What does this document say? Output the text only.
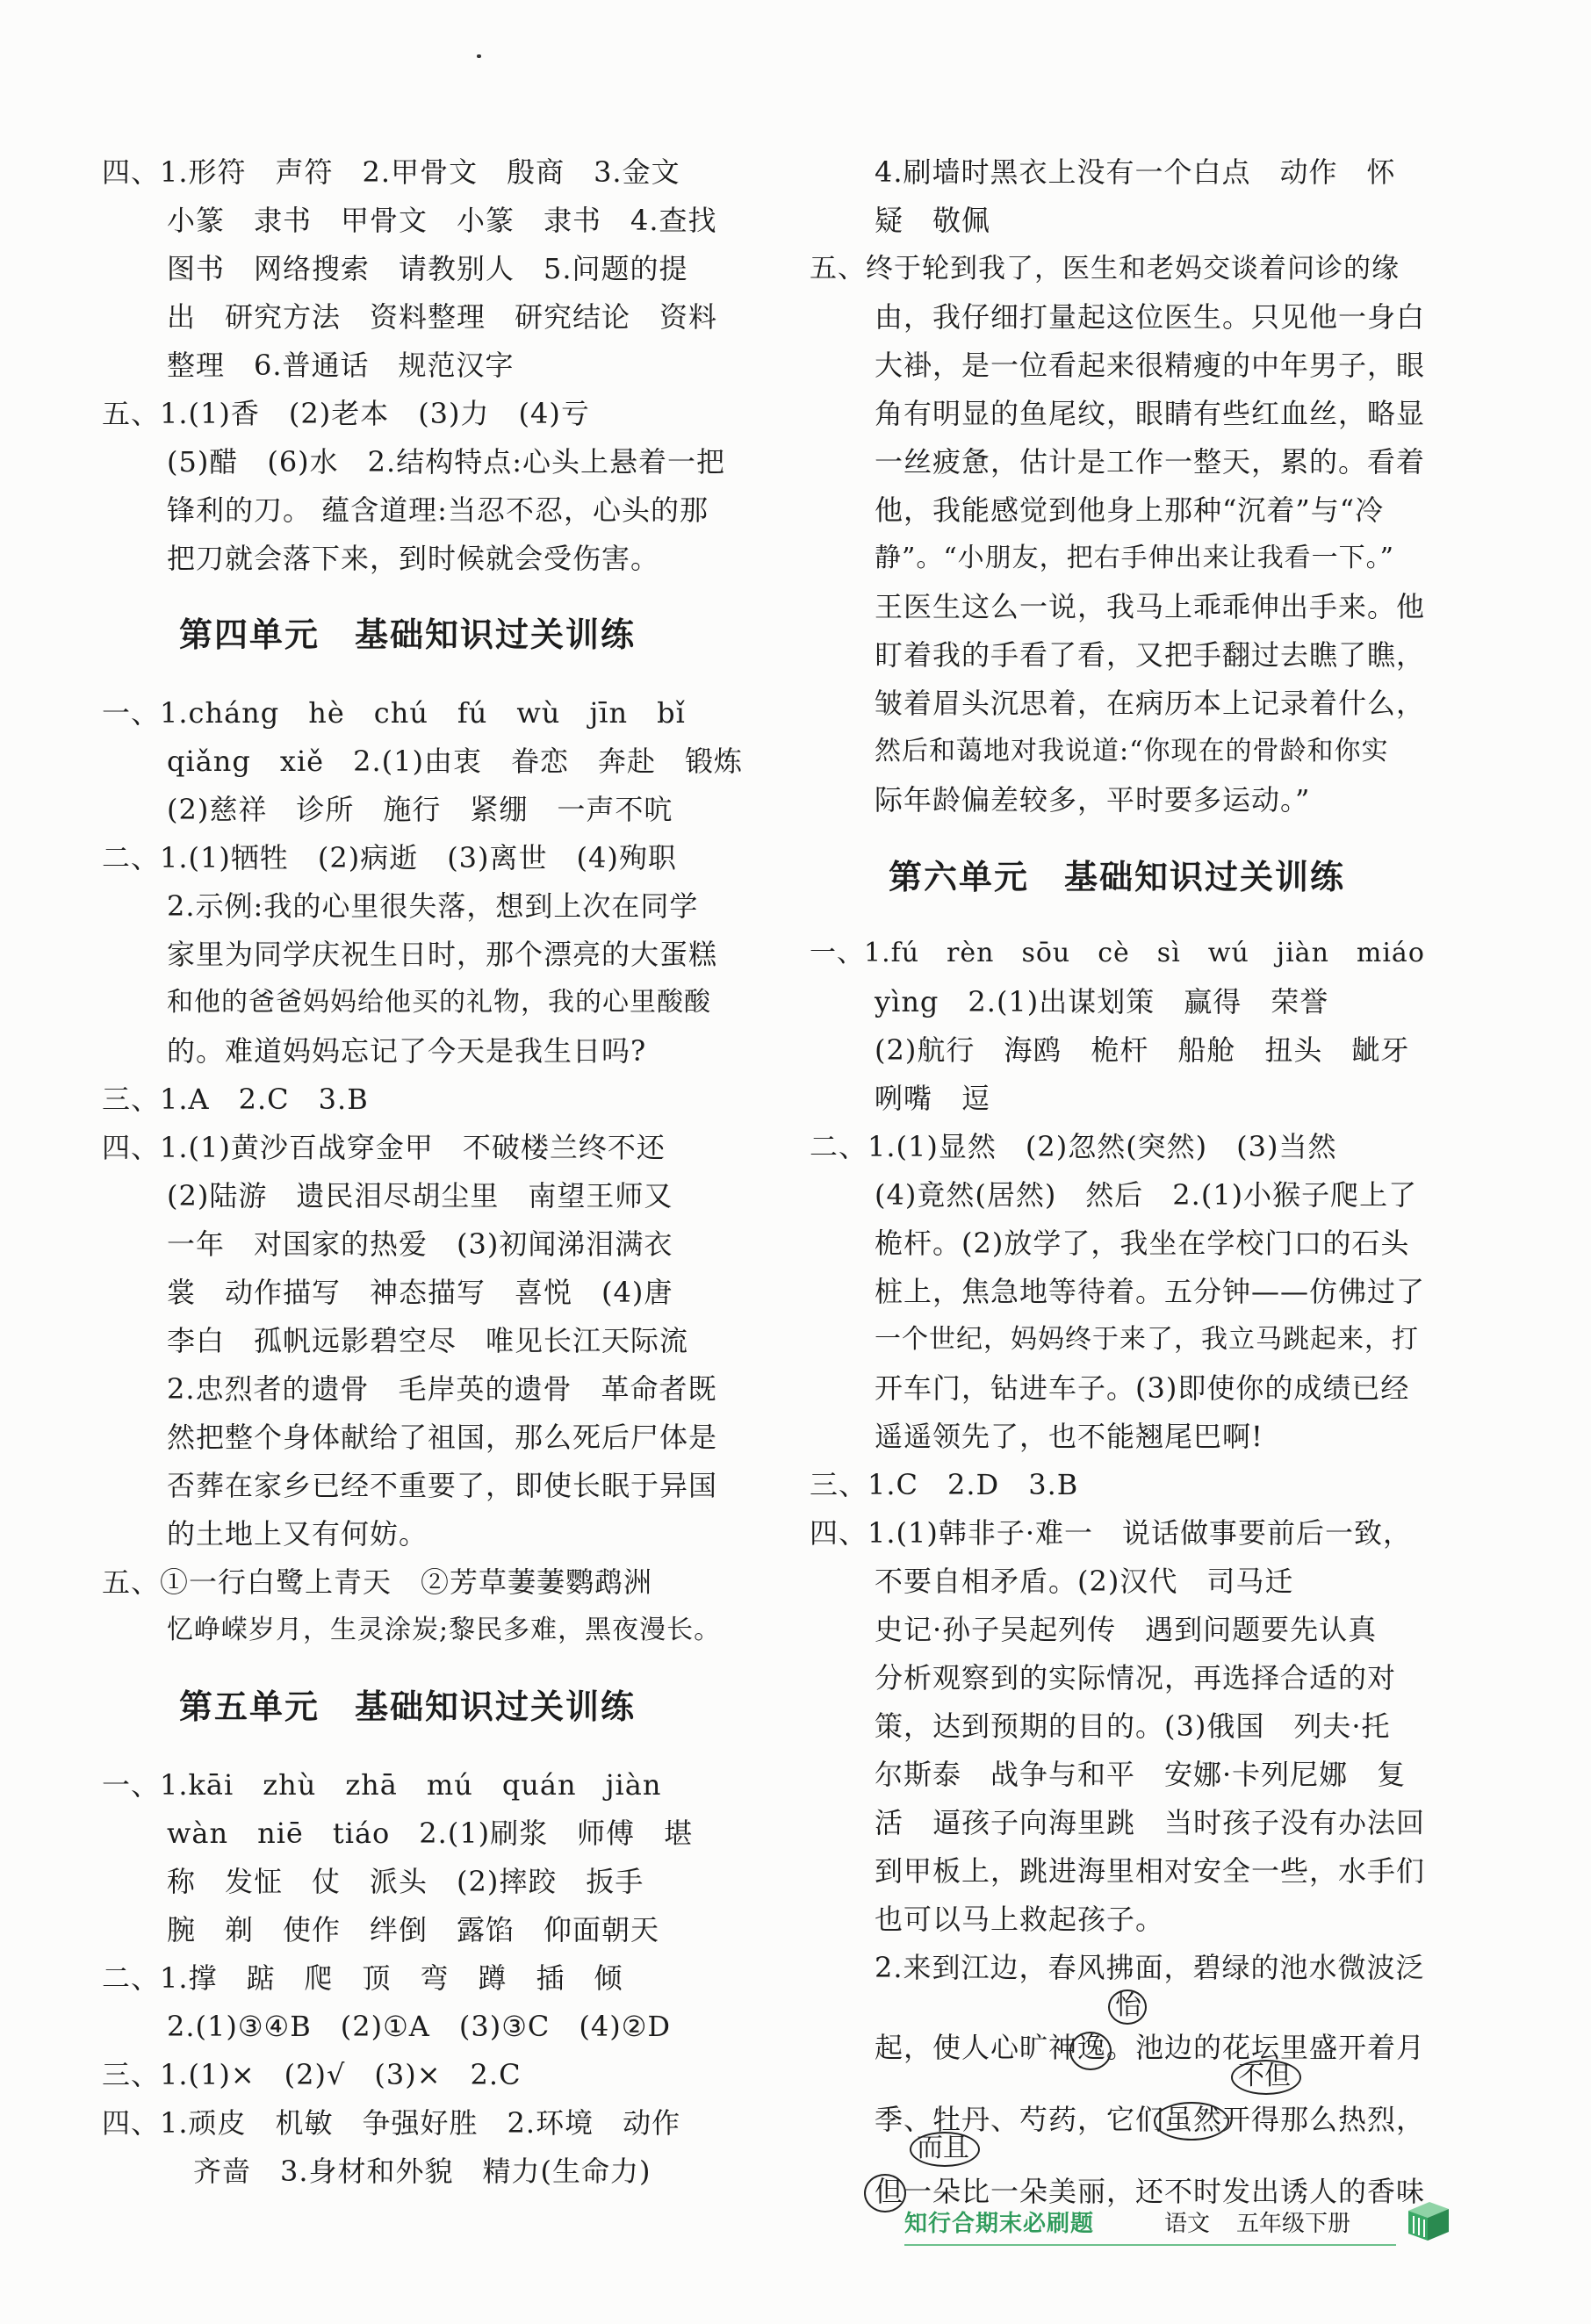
四、1.形符　声符　2.甲骨文　殷商　3.金文
小篆　隶书　甲骨文　小篆　隶书　4.查找
图书　网络搜索　请教别人　5.问题的提
出　研究方法　资料整理　研究结论　资料
整理　6.普通话　规范汉字
五、1.(1)香　(2)老本　(3)力　(4)亏
(5)醋　(6)水　2.结构特点:心头上悬着一把
锋利的刀。 蕴含道理:当忍不忍，心头的那
把刀就会落下来，到时候就会受伤害。
第四单元　基础知识过关训练
一、1.cháng　hè　chú　fú　wù　jīn　bǐ
qiǎng　xiě　2.(1)由衷　眷恋　奔赴　锻炼
(2)慈祥　诊所　施行　紧绷　一声不吭
二、1.(1)牺牲　(2)病逝　(3)离世　(4)殉职
2.示例:我的心里很失落，想到上次在同学
家里为同学庆祝生日时，那个漂亮的大蛋糕
和他的爸爸妈妈给他买的礼物，我的心里酸酸
的。难道妈妈忘记了今天是我生日吗?
三、1.A　2.C　3.B
四、1.(1)黄沙百战穿金甲　不破楼兰终不还
(2)陆游　遗民泪尽胡尘里　南望王师又
一年　对国家的热爱　(3)初闻涕泪满衣
裳　动作描写　神态描写　喜悦　(4)唐
李白　孤帆远影碧空尽　唯见长江天际流
2.忠烈者的遗骨　毛岸英的遗骨　革命者既
然把整个身体献给了祖国，那么死后尸体是
否葬在家乡已经不重要了，即使长眠于异国
的土地上又有何妨。
五、①一行白鹭上青天　②芳草萋萋鹦鹉洲
忆峥嵘岁月，生灵涂炭;黎民多难，黑夜漫长。
第五单元　基础知识过关训练
一、1.kāi　zhù　zhā　mú　quán　jiàn
wàn　niē　tiáo　2.(1)刷浆　师傅　堪
称　发怔　仗　派头　(2)摔跤　扳手
腕　剃　使作　绊倒　露馅　仰面朝天
二、1.撑　踮　爬　顶　弯　蹲　插　倾
2.(1)③④B　(2)①A　(3)③C　(4)②D
三、1.(1)×　(2)√　(3)×　2.C
四、1.顽皮　机敏　争强好胜　2.环境　动作
齐啬　3.身材和外貌　精力(生命力)
4.刷墙时黑衣上没有一个白点　动作　怀
疑　敬佩
五、终于轮到我了，医生和老妈交谈着问诊的缘
由，我仔细打量起这位医生。只见他一身白
大褂，是一位看起来很精瘦的中年男子，眼
角有明显的鱼尾纹，眼睛有些红血丝，略显
一丝疲惫，估计是工作一整天，累的。看着
他，我能感觉到他身上那种“沉着”与“冷
静”。“小朋友，把右手伸出来让我看一下。”
王医生这么一说，我马上乖乖伸出手来。他
盯着我的手看了看，又把手翻过去瞧了瞧，
皱着眉头沉思着，在病历本上记录着什么，
然后和蔼地对我说道:“你现在的骨龄和你实
际年龄偏差较多，平时要多运动。”
第六单元　基础知识过关训练
一、1.fú　rèn　sōu　cè　sì　wú　jiàn　miáo
yìng　2.(1)出谋划策　赢得　荣誉
(2)航行　海鸥　桅杆　船舱　扭头　龇牙
咧嘴　逗
二、1.(1)显然　(2)忽然(突然)　(3)当然
(4)竟然(居然)　然后　2.(1)小猴子爬上了
桅杆。(2)放学了，我坐在学校门口的石头
桩上，焦急地等待着。五分钟——仿佛过了
一个世纪，妈妈终于来了，我立马跳起来，打
开车门，钻进车子。(3)即使你的成绩已经
遥遥领先了，也不能翘尾巴啊!
三、1.C　2.D　3.B
四、1.(1)韩非子·难一　说话做事要前后一致，
不要自相矛盾。(2)汉代　司马迁
史记·孙子吴起列传　遇到问题要先认真
分析观察到的实际情况，再选择合适的对
策，达到预期的目的。(3)俄国　列夫·托
尔斯泰　战争与和平　安娜·卡列尼娜　复
活　逼孩子向海里跳　当时孩子没有办法回
到甲板上，跳进海里相对安全一些，水手们
也可以马上救起孩子。
2.来到江边，春风拂面，碧绿的池水微波泛
起，使人心旷神逸。池边的花坛里盛开着月
季、牡丹、芍药，它们虽然开得那么热烈，
但一朵比一朵美丽，还不时发出诱人的香味
怡
不但
而且
知行合期末必刷题	语文 五年级下册
